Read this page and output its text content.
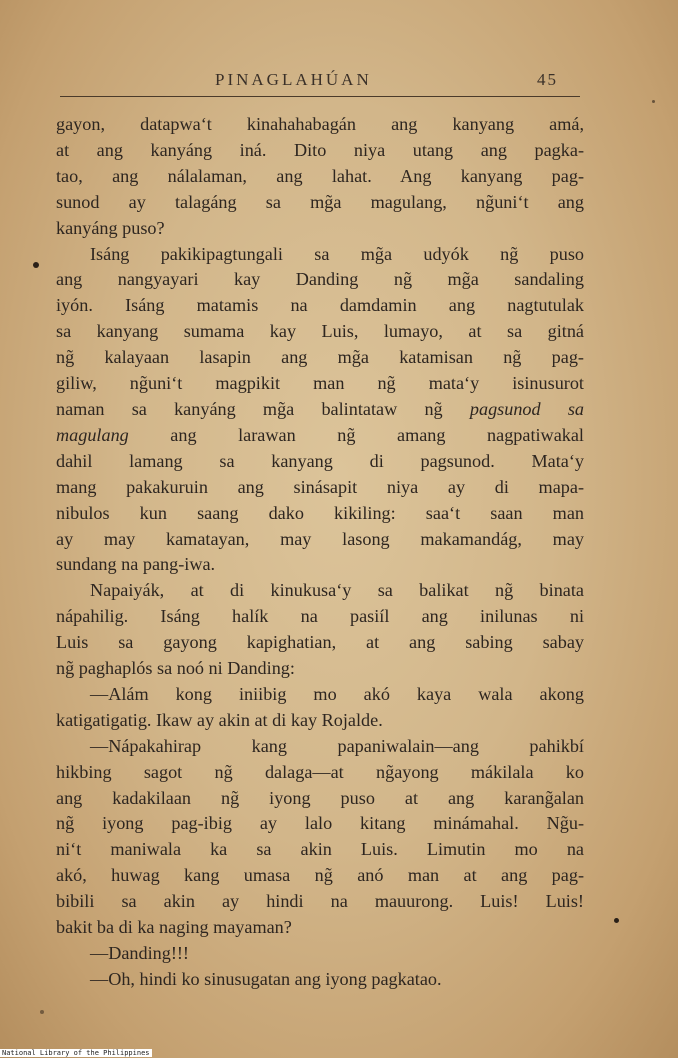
PINAGLAHÚAN	45
gayon, datapwa‘t kinahahabagán ang kanyang amá,
at ang kanyáng iná. Dito niya utang ang pagka-
tao, ang nálalaman, ang lahat. Ang kanyang pag-
sunod ay talagáng sa mg̃a magulang, ng̃uni‘t ang
kanyáng puso?
Isáng pakikipagtungali sa mg̃a udyók ng̃ puso
ang nangyayari kay Danding ng̃ mg̃a sandaling
iyón. Isáng matamis na damdamin ang nagtutulak
sa kanyang sumama kay Luis, lumayo, at sa gitná
ng̃ kalayaan lasapin ang mg̃a katamisan ng̃ pag-
giliw, ng̃uni‘t magpikit man ng̃ mata‘y isinusurot
naman sa kanyáng mg̃a balintataw ng̃ pagsunod sa
magulang ang larawan ng̃ amang nagpatiwakal
dahil lamang sa kanyang di pagsunod. Mata‘y
mang pakakuruin ang sinásapit niya ay di mapa-
nibulos kun saang dako kikiling: saa‘t saan man
ay may kamatayan, may lasong makamandág, may
sundang na pang-iwa.
Napaiyák, at di kinukusa‘y sa balikat ng̃ binata
nápahilig. Isáng halík na pasiíl ang inilunas ni
Luis sa gayong kapighatian, at ang sabing sabay
ng̃ paghaplós sa noó ni Danding:
—Alám kong iniibig mo akó kaya wala akong
katigatigatig. Ikaw ay akin at di kay Rojalde.
—Nápakahirap kang papaniwalain—ang pahikbí
hikbing sagot ng̃ dalaga—at ng̃ayong mákilala ko
ang kadakilaan ng̃ iyong puso at ang karang̃alan
ng̃ iyong pag-ibig ay lalo kitang minámahal. Ng̃u-
ni‘t maniwala ka sa akin Luis. Limutin mo na
akó, huwag kang umasa ng̃ anó man at ang pag-
bibili sa akin ay hindi na mauurong. Luis! Luis!
bakit ba di ka naging mayaman?
—Danding!!!
—Oh, hindi ko sinusugatan ang iyong pagkatao.
National Library of the Philippines
